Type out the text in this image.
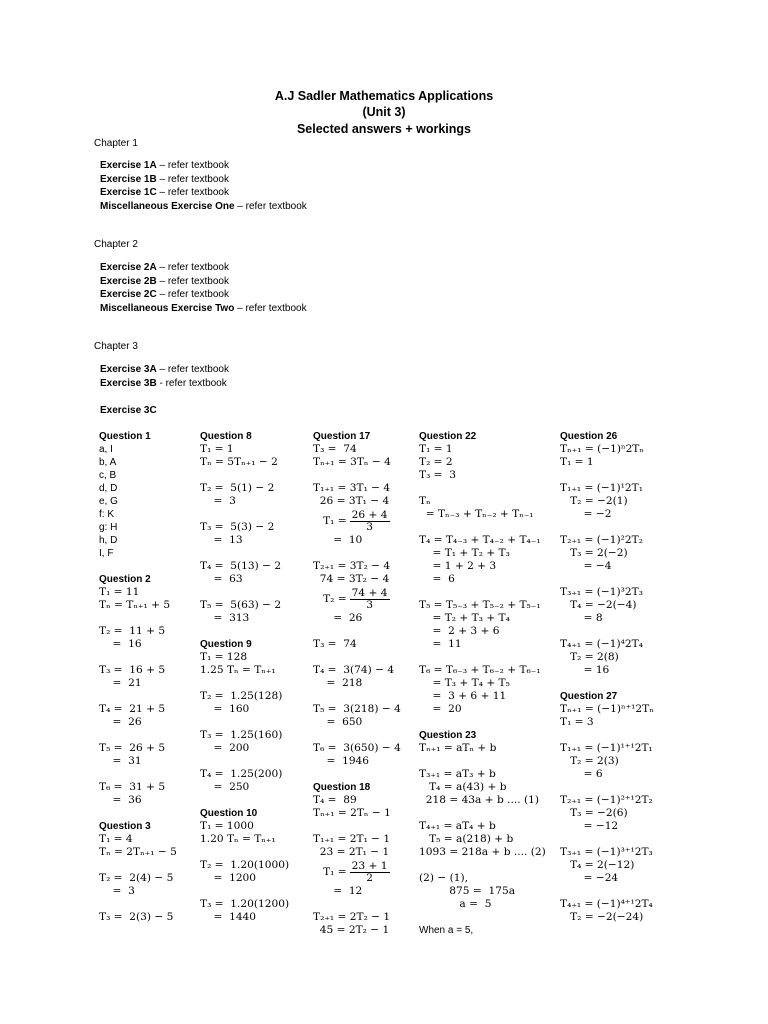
A.J Sadler Mathematics Applications
(Unit 3)
Selected answers + workings
Chapter 1
Exercise 1A – refer textbook
Exercise 1B – refer textbook
Exercise 1C – refer textbook
Miscellaneous Exercise One – refer textbook
Chapter 2
Exercise 2A – refer textbook
Exercise 2B – refer textbook
Exercise 2C – refer textbook
Miscellaneous Exercise Two – refer textbook
Chapter 3
Exercise 3A – refer textbook
Exercise 3B - refer textbook
Exercise 3C
Question 1
a, I
b, A
c, B
d, D
e, G
f: K
g: H
h, D
I, F
Question 2
T₁ = 11
Tₙ = Tₙ₊₁ + 5
T₂ =  11 + 5
=  16
T₃ =  16 + 5
=  21
T₄ =  21 + 5
=  26
T₅ =  26 + 5
=  31
T₆ =  31 + 5
=  36
Question 3
T₁ = 4
Tₙ = 2Tₙ₊₁ − 5
T₂ =  2(4) − 5
=  3
T₃ =  2(3) − 5
Question 8
T₁ = 1
Tₙ = 5Tₙ₊₁ − 2
T₂ =  5(1) − 2
=  3
T₃ =  5(3) − 2
=  13
T₄ =  5(13) − 2
=  63
T₅ =  5(63) − 2
=  313
Question 9
T₁ = 128
1.25 Tₙ = Tₙ₊₁
T₂ =  1.25(128)
=  160
T₃ =  1.25(160)
=  200
T₄ =  1.25(200)
=  250
Question 10
T₁ = 1000
1.20 Tₙ = Tₙ₊₁
T₂ =  1.20(1000)
=  1200
T₃ =  1.20(1200)
=  1440
Question 17
T₃ =  74
Tₙ₊₁ = 3Tₙ − 4
T₁₊₁ = 3T₁ − 4
26 = 3T₁ − 4
$T_1 = \frac{26 + 4}{3}$
=  10
T₂₊₁ = 3T₂ − 4
74 = 3T₂ − 4
$T_2 = \frac{74 + 4}{3}$
=  26
T₃ =  74
T₄ =  3(74) − 4
=  218
T₅ =  3(218) − 4
=  650
T₆ =  3(650) − 4
=  1946
Question 18
T₄ =  89
Tₙ₊₁ = 2Tₙ − 1
T₁₊₁ = 2T₁ − 1
23 = 2T₁ − 1
$T_1 = \frac{23 + 1}{2}$
=  12
T₂₊₁ = 2T₂ − 1
45 = 2T₂ − 1
Question 22
T₁ = 1
T₂ = 2
T₃ =  3
Tₙ
= Tₙ₋₃ + Tₙ₋₂ + Tₙ₋₁
T₄ = T₄₋₃ + T₄₋₂ + T₄₋₁
= T₁ + T₂ + T₃
= 1 + 2 + 3
=  6
T₅ = T₅₋₃ + T₅₋₂ + T₅₋₁
= T₂ + T₃ + T₄
=  2 + 3 + 6
=  11
T₆ = T₆₋₃ + T₆₋₂ + T₆₋₁
= T₃ + T₄ + T₅
=  3 + 6 + 11
=  20
Question 23
Tₙ₊₁ = aTₙ + b
T₃₊₁ = aT₃ + b
T₄ = a(43) + b
218 = 43a + b .... (1)
T₄₊₁ = aT₄ + b
T₅ = a(218) + b
1093 = 218a + b .... (2)
(2) − (1),
875 =  175a
a =  5
When a = 5,
Question 26
Tₙ₊₁ = (−1)ⁿ2Tₙ
T₁ = 1
T₁₊₁ = (−1)¹2T₁
T₂ = −2(1)
= −2
T₂₊₁ = (−1)²2T₂
T₃ = 2(−2)
= −4
T₃₊₁ = (−1)³2T₃
T₄ = −2(−4)
= 8
T₄₊₁ = (−1)⁴2T₄
T₂ = 2(8)
= 16
Question 27
Tₙ₊₁ = (−1)ⁿ⁺¹2Tₙ
T₁ = 3
T₁₊₁ = (−1)¹⁺¹2T₁
T₂ = 2(3)
= 6
T₂₊₁ = (−1)²⁺¹2T₂
T₃ = −2(6)
= −12
T₃₊₁ = (−1)³⁺¹2T₃
T₄ = 2(−12)
= −24
T₄₊₁ = (−1)⁴⁺¹2T₄
T₂ = −2(−24)
